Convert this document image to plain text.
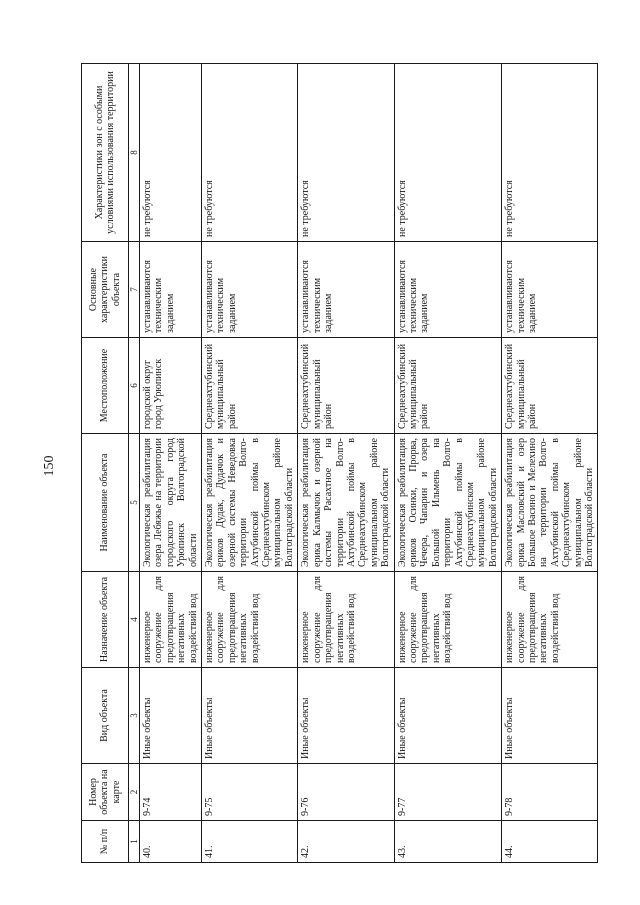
150
№ п/п	Номер объекта на карте	Вид объекта	Назначение объекта	Наименование объекта	Местоположение	Основные характеристики объекта	Характеристики зон с особыми условиями использования территории
1	2	3	4	5	6	7	8
40.	9-74	Иные объекты	инженерное сооружение для предотвращения негативных воздействий вод	Экологическая реабилитация озера Лебяжье на территории городского округа город Урюпинск Волгоградской области	городской округ город Урюпинск	устанавливаются техническим заданием	не требуются
41.	9-75	Иные объекты	инженерное сооружение для предотвращения негативных воздействий вод	Экологическая реабилитация ериков Дудак, Дудачок и озерной системы Неведовка территории Волго-Ахтубинской поймы в Среднеахтубинском муниципальном районе Волгоградской области	Среднеахтубинский муниципальный район	устанавливаются техническим заданием	не требуются
42.	9-76	Иные объекты	инженерное сооружение для предотвращения негативных воздействий вод	Экологическая реабилитация ерика Калмычок и озерной системы Расахтное на территории Волго-Ахтубинской поймы в Среднеахтубинском муниципальном районе Волгоградской области	Среднеахтубинский муниципальный район	устанавливаются техническим заданием	не требуются
43.	9-77	Иные объекты	инженерное сооружение для предотвращения негативных воздействий вод	Экологическая реабилитация ериков Осинки, Прорва, Чечера, Чапарин и озера Большой Ильмень на территории Волго-Ахтубинской поймы в Среднеахтубинском муниципальном районе Волгоградской области	Среднеахтубинский муниципальный район	устанавливаются техническим заданием	не требуются
44.	9-78	Иные объекты	инженерное сооружение для предотвращения негативных воздействий вод	Экологическая реабилитация ерика Масловский и озер Большое Васино и Мелехино на территории Волго-Ахтубинской поймы в Среднеахтубинском муниципальном районе Волгоградской области	Среднеахтубинский муниципальный район	устанавливаются техническим заданием	не требуются
